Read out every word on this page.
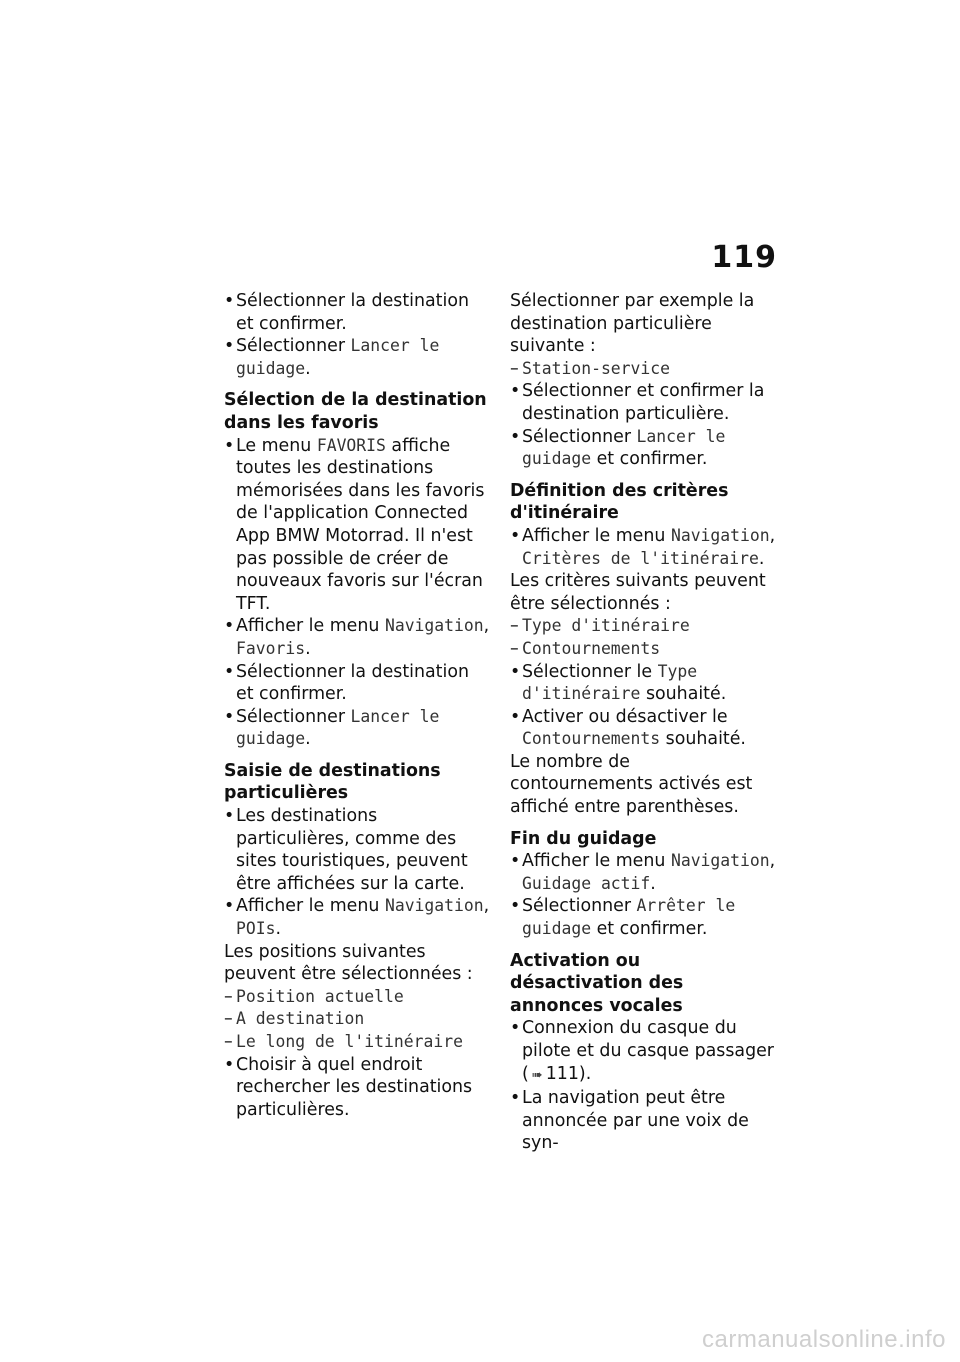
119

• Sélectionner la destination et confirmer.

• Sélectionner Lancer le guidage.

Sélection de la destination dans les favoris

• Le menu FAVORIS affiche toutes les destinations mémorisées dans les favoris de l'application Connected App BMW Motorrad. Il n'est pas possible de créer de nouveaux favoris sur l'écran TFT.

• Afficher le menu Navigation, Favoris.

• Sélectionner la destination et confirmer.

• Sélectionner Lancer le guidage.

Saisie de destinations particulières

• Les destinations particulières, comme des sites touristiques, peuvent être affichées sur la carte.

• Afficher le menu Navigation, POIs.

Les positions suivantes peuvent être sélectionnées :

– Position actuelle

– A destination

– Le long de l'itinéraire

• Choisir à quel endroit rechercher les destinations particulières.

Sélectionner par exemple la destination particulière suivante :

– Station-service

• Sélectionner et confirmer la destination particulière.

• Sélectionner Lancer le guidage et confirmer.

Définition des critères d'itinéraire

• Afficher le menu Navigation, Critères de l'itinéraire.

Les critères suivants peuvent être sélectionnés :

– Type d'itinéraire

– Contournements

• Sélectionner le Type d'itinéraire souhaité.

• Activer ou désactiver le Contournements souhaité.

Le nombre de contournements activés est affiché entre parenthèses.

Fin du guidage

• Afficher le menu Navigation, Guidage actif.

• Sélectionner Arrêter le guidage et confirmer.

Activation ou désactivation des annonces vocales

• Connexion du casque du pilote et du casque passager ( ➠ 111).

• La navigation peut être annoncée par une voix de syn-

carmanualsonline.info
